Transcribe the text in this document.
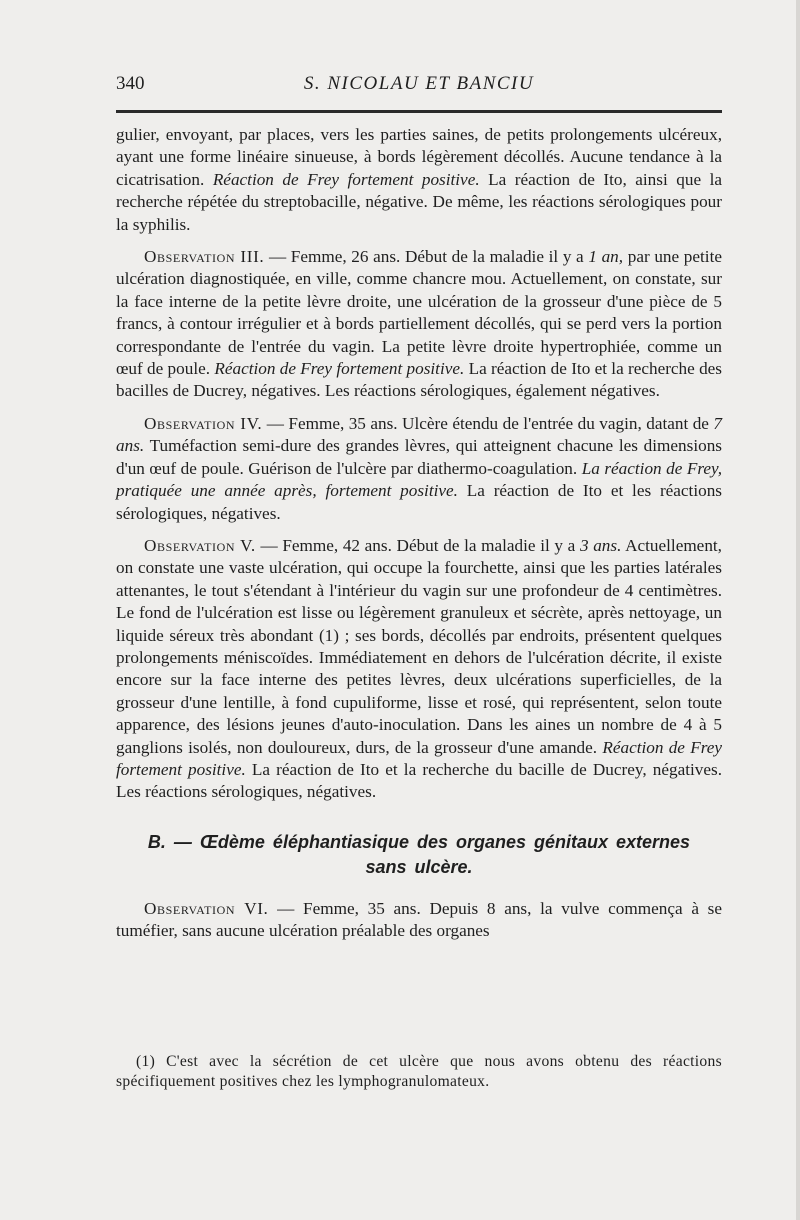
340	S. NICOLAU ET BANCIU

gulier, envoyant, par places, vers les parties saines, de petits prolongements ulcéreux, ayant une forme linéaire sinueuse, à bords légèrement décollés. Aucune tendance à la cicatrisation. Réaction de Frey fortement positive. La réaction de Ito, ainsi que la recherche répétée du streptobacille, négative. De même, les réactions sérologiques pour la syphilis.

Observation III. — Femme, 26 ans. Début de la maladie il y a 1 an, par une petite ulcération diagnostiquée, en ville, comme chancre mou. Actuellement, on constate, sur la face interne de la petite lèvre droite, une ulcération de la grosseur d'une pièce de 5 francs, à contour irrégulier et à bords partiellement décollés, qui se perd vers la portion correspondante de l'entrée du vagin. La petite lèvre droite hypertrophiée, comme un œuf de poule. Réaction de Frey fortement positive. La réaction de Ito et la recherche des bacilles de Ducrey, négatives. Les réactions sérologiques, également négatives.

Observation IV. — Femme, 35 ans. Ulcère étendu de l'entrée du vagin, datant de 7 ans. Tuméfaction semi-dure des grandes lèvres, qui atteignent chacune les dimensions d'un œuf de poule. Guérison de l'ulcère par diathermo-coagulation. La réaction de Frey, pratiquée une année après, fortement positive. La réaction de Ito et les réactions sérologiques, négatives.

Observation V. — Femme, 42 ans. Début de la maladie il y a 3 ans. Actuellement, on constate une vaste ulcération, qui occupe la fourchette, ainsi que les parties latérales attenantes, le tout s'étendant à l'intérieur du vagin sur une profondeur de 4 centimètres. Le fond de l'ulcération est lisse ou légèrement granuleux et sécrète, après nettoyage, un liquide séreux très abondant (1) ; ses bords, décollés par endroits, présentent quelques prolongements méniscoïdes. Immédiatement en dehors de l'ulcération décrite, il existe encore sur la face interne des petites lèvres, deux ulcérations superficielles, de la grosseur d'une lentille, à fond cupuliforme, lisse et rosé, qui représentent, selon toute apparence, des lésions jeunes d'auto-inoculation. Dans les aines un nombre de 4 à 5 ganglions isolés, non douloureux, durs, de la grosseur d'une amande. Réaction de Frey fortement positive. La réaction de Ito et la recherche du bacille de Ducrey, négatives. Les réactions sérologiques, négatives.

B. — Œdème éléphantiasique des organes génitaux externes
sans ulcère.

Observation VI. — Femme, 35 ans. Depuis 8 ans, la vulve commença à se tuméfier, sans aucune ulcération préalable des organes

(1) C'est avec la sécrétion de cet ulcère que nous avons obtenu des réactions spécifiquement positives chez les lymphogranulomateux.
